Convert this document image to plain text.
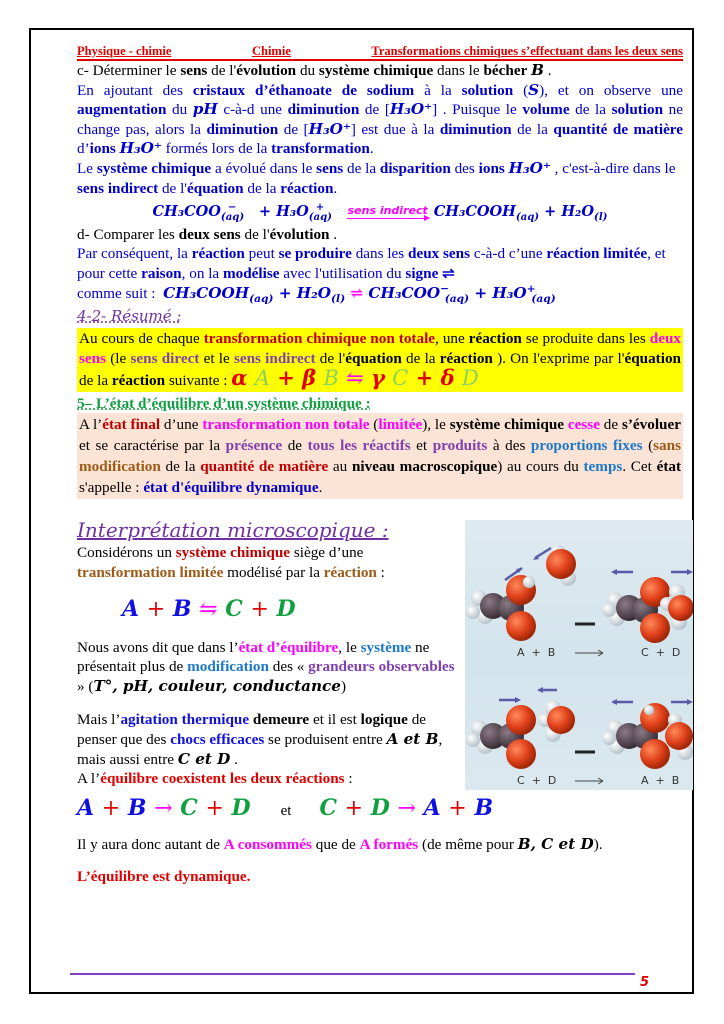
Physique - chimie	Chimie	Transformations chimiques s’effectuant dans les deux sens

c- Déterminer le sens de l'évolution du système chimique dans le bécher B .

En ajoutant des cristaux d’éthanoate de sodium à la solution (S), et on observe une augmentation du pH c-à-d une diminution de [H₃O⁺] . Puisque le volume de la solution ne change pas, alors la diminution de [H₃O⁺] est due à la diminution de la quantité de matière d’ions H₃O⁺ formés lors de la transformation.

Le système chimique a évolué dans le sens de la disparition des ions H₃O⁺ , c'est-à-dire dans le sens indirect de l'équation de la réaction.

$CH_3COO_{(aq)}^- + H_3O_{(aq)}^+$ sens indirect $CH_3COOH_{(aq)} + H_2O_{(l)}$

d- Comparer les deux sens de l'évolution .

Par conséquent, la réaction peut se produire dans les deux sens c-à-d c’une réaction limitée, et pour cette raison, on la modélise avec l'utilisation du signe ⇌
comme suit : $CH_3COOH_{(aq)} + H_2O_{(l)}$ ⇌ $CH_3COO^-_{(aq)} + H_3O^+_{(aq)}$

4-2- Résumé :
Au cours de chaque transformation chimique non totale, une réaction se produite dans les deux sens (le sens direct et le sens indirect de l'équation de la réaction ). On l'exprime par l'équation de la réaction suivante : α A + β B ⇋ γ C + δ D
5– L’état d’équilibre d’un système chimique :
A l’état final d’une transformation non totale (limitée), le système chimique cesse de s’évoluer et se caractérise par la présence de tous les réactifs et produits à des proportions fixes (sans modification de la quantité de matière au niveau macroscopique) au cours du temps. Cet état s'appelle : état d'équilibre dynamique.
Interprétation microscopique :

Considérons un système chimique siège d’une transformation limitée modélisé par la réaction :

A + B ⇋ C + D

Nous avons dit que dans l’état d’équilibre, le système ne présentait plus de modification des « grandeurs observables » (T°, pH, couleur, conductance)

Mais l’agitation thermique demeure et il est logique de penser que des chocs efficaces se produisent entre A et B, mais aussi entre C et D .

A l’équilibre coexistent les deux réactions :

A + B → C + D et C + D → A + B

Il y aura donc autant de A consommés que de A formés (de même pour B, C et D).

L’équilibre est dynamique.

A + B	C + D
C + D	A + B
5
